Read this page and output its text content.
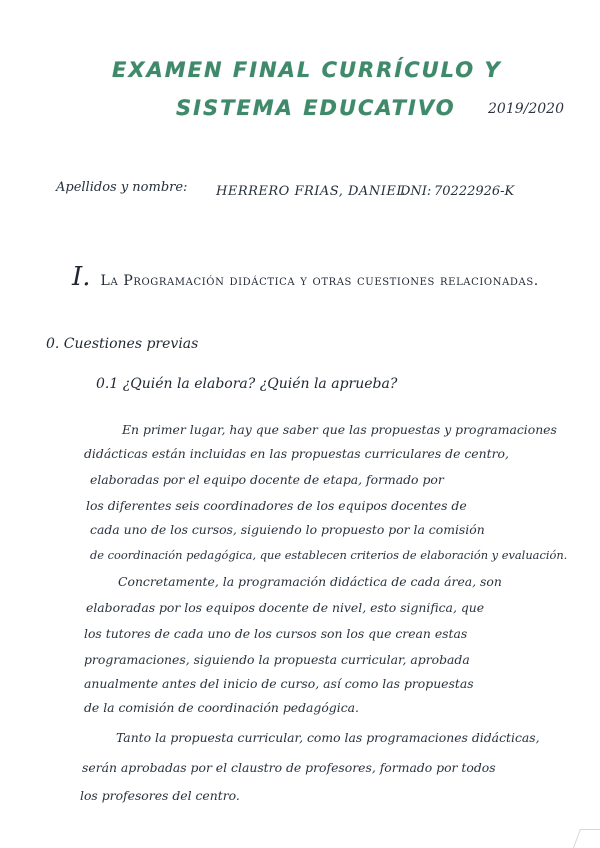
EXAMEN FINAL CURRÍCULO Y
SISTEMA EDUCATIVO 2019/2020
Apellidos y nombre: HERRERO FRIAS, DANIEL
DNI: 70222926-K
I. La Programación didáctica y otras cuestiones relacionadas.
0. Cuestiones previas
0.1 ¿Quién la elabora? ¿Quién la aprueba?
En primer lugar, hay que saber que las propuestas y programaciones
didácticas están incluidas en las propuestas curriculares de centro,
elaboradas por el equipo docente de etapa, formado por
los diferentes seis coordinadores de los equipos docentes de
cada uno de los cursos, siguiendo lo propuesto por la comisión
de coordinación pedagógica, que establecen criterios de elaboración y evaluación.
Concretamente, la programación didáctica de cada área, son
elaboradas por los equipos docente de nivel, esto significa, que
los tutores de cada uno de los cursos son los que crean estas
programaciones, siguiendo la propuesta curricular, aprobada
anualmente antes del inicio de curso, así como las propuestas
de la comisión de coordinación pedagógica.
Tanto la propuesta curricular, como las programaciones didácticas,
serán aprobadas por el claustro de profesores, formado por todos
los profesores del centro.
